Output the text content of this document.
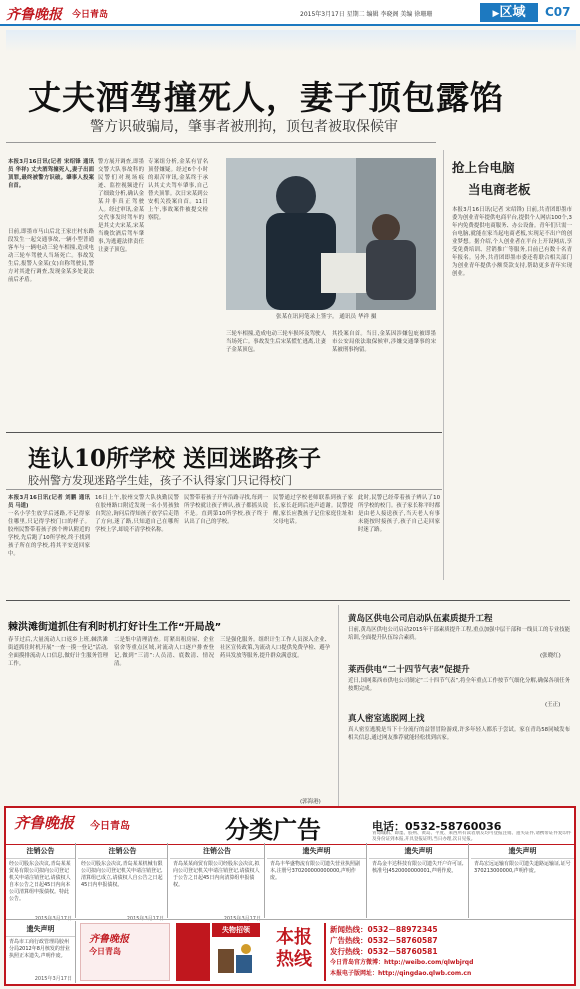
齐鲁晚报 今日青岛	2015年3月17日 星期二 编辑 李晓阁 美编 徐珊珊	▶区域	C07
丈夫酒驾撞死人，妻子顶包露馅
警方识破骗局，肇事者被刑拘，顶包者被取保候审
本报3月16日讯(记者 宋绍锋 通讯员 华祥) 丈夫酒驾撞死人,妻子出面顶罪,最终被警方识破。肇事人投案自首。
日前,即墨市马山后北王家庄村东路段发生一起交通事故,一辆小型普通客车与一辆电动三轮车相撞,造成电动三轮车驾驶人当场死亡。事故发生后,报警人金某(女)自称驾驶员,警方对其进行调查,发现金某多处说法前后矛盾。
警方展开调查,即墨交警大队事故科的民警们对现场痕迹、监控视频进行了细致分析,确认金某并非真正驾驶人。经过审讯,金某交代事发时驾车的是其丈夫宋某,宋某当晚饮酒后驾车肇事,为逃避法律责任让妻子顶包。
专案组分析,金某有冒名顶替嫌疑。经过6个小时的艰苦审讯,金某终于承认其丈夫驾车肇事,自己替夫顶罪。次日宋某到公安机关投案自首。11日上午,事故案件被提交检察院。
张某在讯问笔录上签字。 通讯员 华祥 摄
三轮车相撞,造成电动三轮车损坏及驾驶人当场死亡。事故发生后宋某慌忙逃离,让妻子金某顶包。
其投案自首。当日,金某因涉嫌包庇被即墨市公安局依法取保候审,涉嫌交通肇事的宋某被刑事拘留。
抢上台电脑
当电商老板
本报3月16日讯(记者 宋绍锋) 日前,共青团即墨市委为创业青年提供电商平台,提供个人网店100个,3年内免费提供电商服务、办公设备。青年们只需一台电脑,就能在家当起电商老板,实现足不出户的创业梦想。据介绍,个人创业者在平台上开设网店,享受免费培训、营销推广等服务,目前已有数十名青年报名。另外,共青团即墨市委还将联合相关部门为创业青年提供小额贷款支持,帮助更多青年实现创业。
连认10所学校 送回迷路孩子
胶州警方发现迷路学生娃，孩子不认得家门只记得校门
本报3月16日讯(记者 刘鹏 通讯员 马道)
一名小学生放学后迷路,不记得家住哪里,只记得学校门口的样子。胶州民警带着孩子挨个辨认附近的学校,先后跑了10所学校,终于找到孩子所在的学校,将其平安送回家中。
16日上午,胶州交警大队执勤民警在胶州路口附近发现一名小男孩独自哭泣,询问后得知孩子放学后走错了方向,迷了路,只知道自己在哪所学校上学,却说不清学校名称。
民警带着孩子开车沿路寻找,每到一所学校就让孩子辨认,孩子都摇头说不是。直到第10所学校,孩子终于认出了自己的学校。
民警通过学校老师联系到孩子家长,家长赶到后连声道谢。民警提醒,家长应教孩子记住家庭住址和父母电话。
此时,民警已经带着孩子辨认了10所学校的校门。孩子家长称平时都是由老人接送孩子,当天老人有事未能按时接孩子,孩子自己走回家时迷了路。
棘洪滩街道抓住有利时机打好计生工作“开局战”
春节过后,大量流动人口返乡上班,棘洪滩街道抓住时机开展“一查一摸一登记”活动,全面摸排流动人口信息,做好计生服务管理工作。
二是集中清理清查。盯紧出租房屋、企业宿舍等重点区域,对流动人口逐户排查登记,做到“三清”:人员清、底数清、情况清。
三是强化服务。组织计生工作人员深入企业、社区宣传政策,为流动人口提供免费孕检、避孕药具发放等服务,提升群众满意度。
(郭海港)
黄岛区供电公司启动队伍素质提升工程
日前,黄岛区供电公司启动2015年干部素质提升工程,重点加强中层干部和一线员工的专业技能培训,全面提升队伍综合素质。
(张晓红)
莱西供电“二十四节气表”促提升
近日,国网莱西市供电公司制定“二十四节气表”,将全年重点工作按节气细化分解,确保各项任务按期完成。
(王正)
真人密室逃脱网上找
真人密室逃脱是当下十分流行的益智冒险游戏,许多年轻人都乐于尝试。家在青岛58同城发布相关信息,通过网友推荐就能轻松找到店家。
齐鲁晚报 今日青岛	分类广告	电话：0532-58760036
青岛城阳、即墨、胶州、黄岛、平度、莱西所有读者朋友均可登报注销、遗失证件,请携带证件复印件及身份证到本报,开具登报证明,当日办理,次日见报。
注销公告
经公司股东会决议,青岛某某贸易有限公司拟向公司登记机关申请注销登记,请债权人自本公告之日起45日内向本公司清算组申报债权。特此公告。
注销公告
经公司股东会决议,青岛某某机械有限公司拟向公司登记机关申请注销登记,清算组已成立,请债权人自公告之日起45日内申报债权。
注销公告
青岛某某商贸有限公司经股东会决议,拟向公司登记机关申请注销登记,请债权人于公告之日起45日内向清算组申报债权。
遗失声明
青岛丰华盛物流有限公司遗失营业执照副本,注册号370200000000000,声明作废。
遗失声明
青岛金丰达科技有限公司遗失开户许可证,核准号J4520000000001,声明作废。
遗失声明
青岛宏远运输有限公司遗失道路运输证,证号370213000000,声明作废。
遗失声明
青岛市工商行政管理局胶州分局2012年8月核发的营业执照正本遗失,声明作废。
2015年3月17日
齐鲁晚报
今日青岛
失物招领	本报
热线
新闻热线：0532－88972345
广告热线：0532－58760587
发行热线：0532－58760581
今日青岛官方微博：http://weibo.com/qlwbjrqd
本报电子版网址：http://qingdao.qlwb.com.cn
